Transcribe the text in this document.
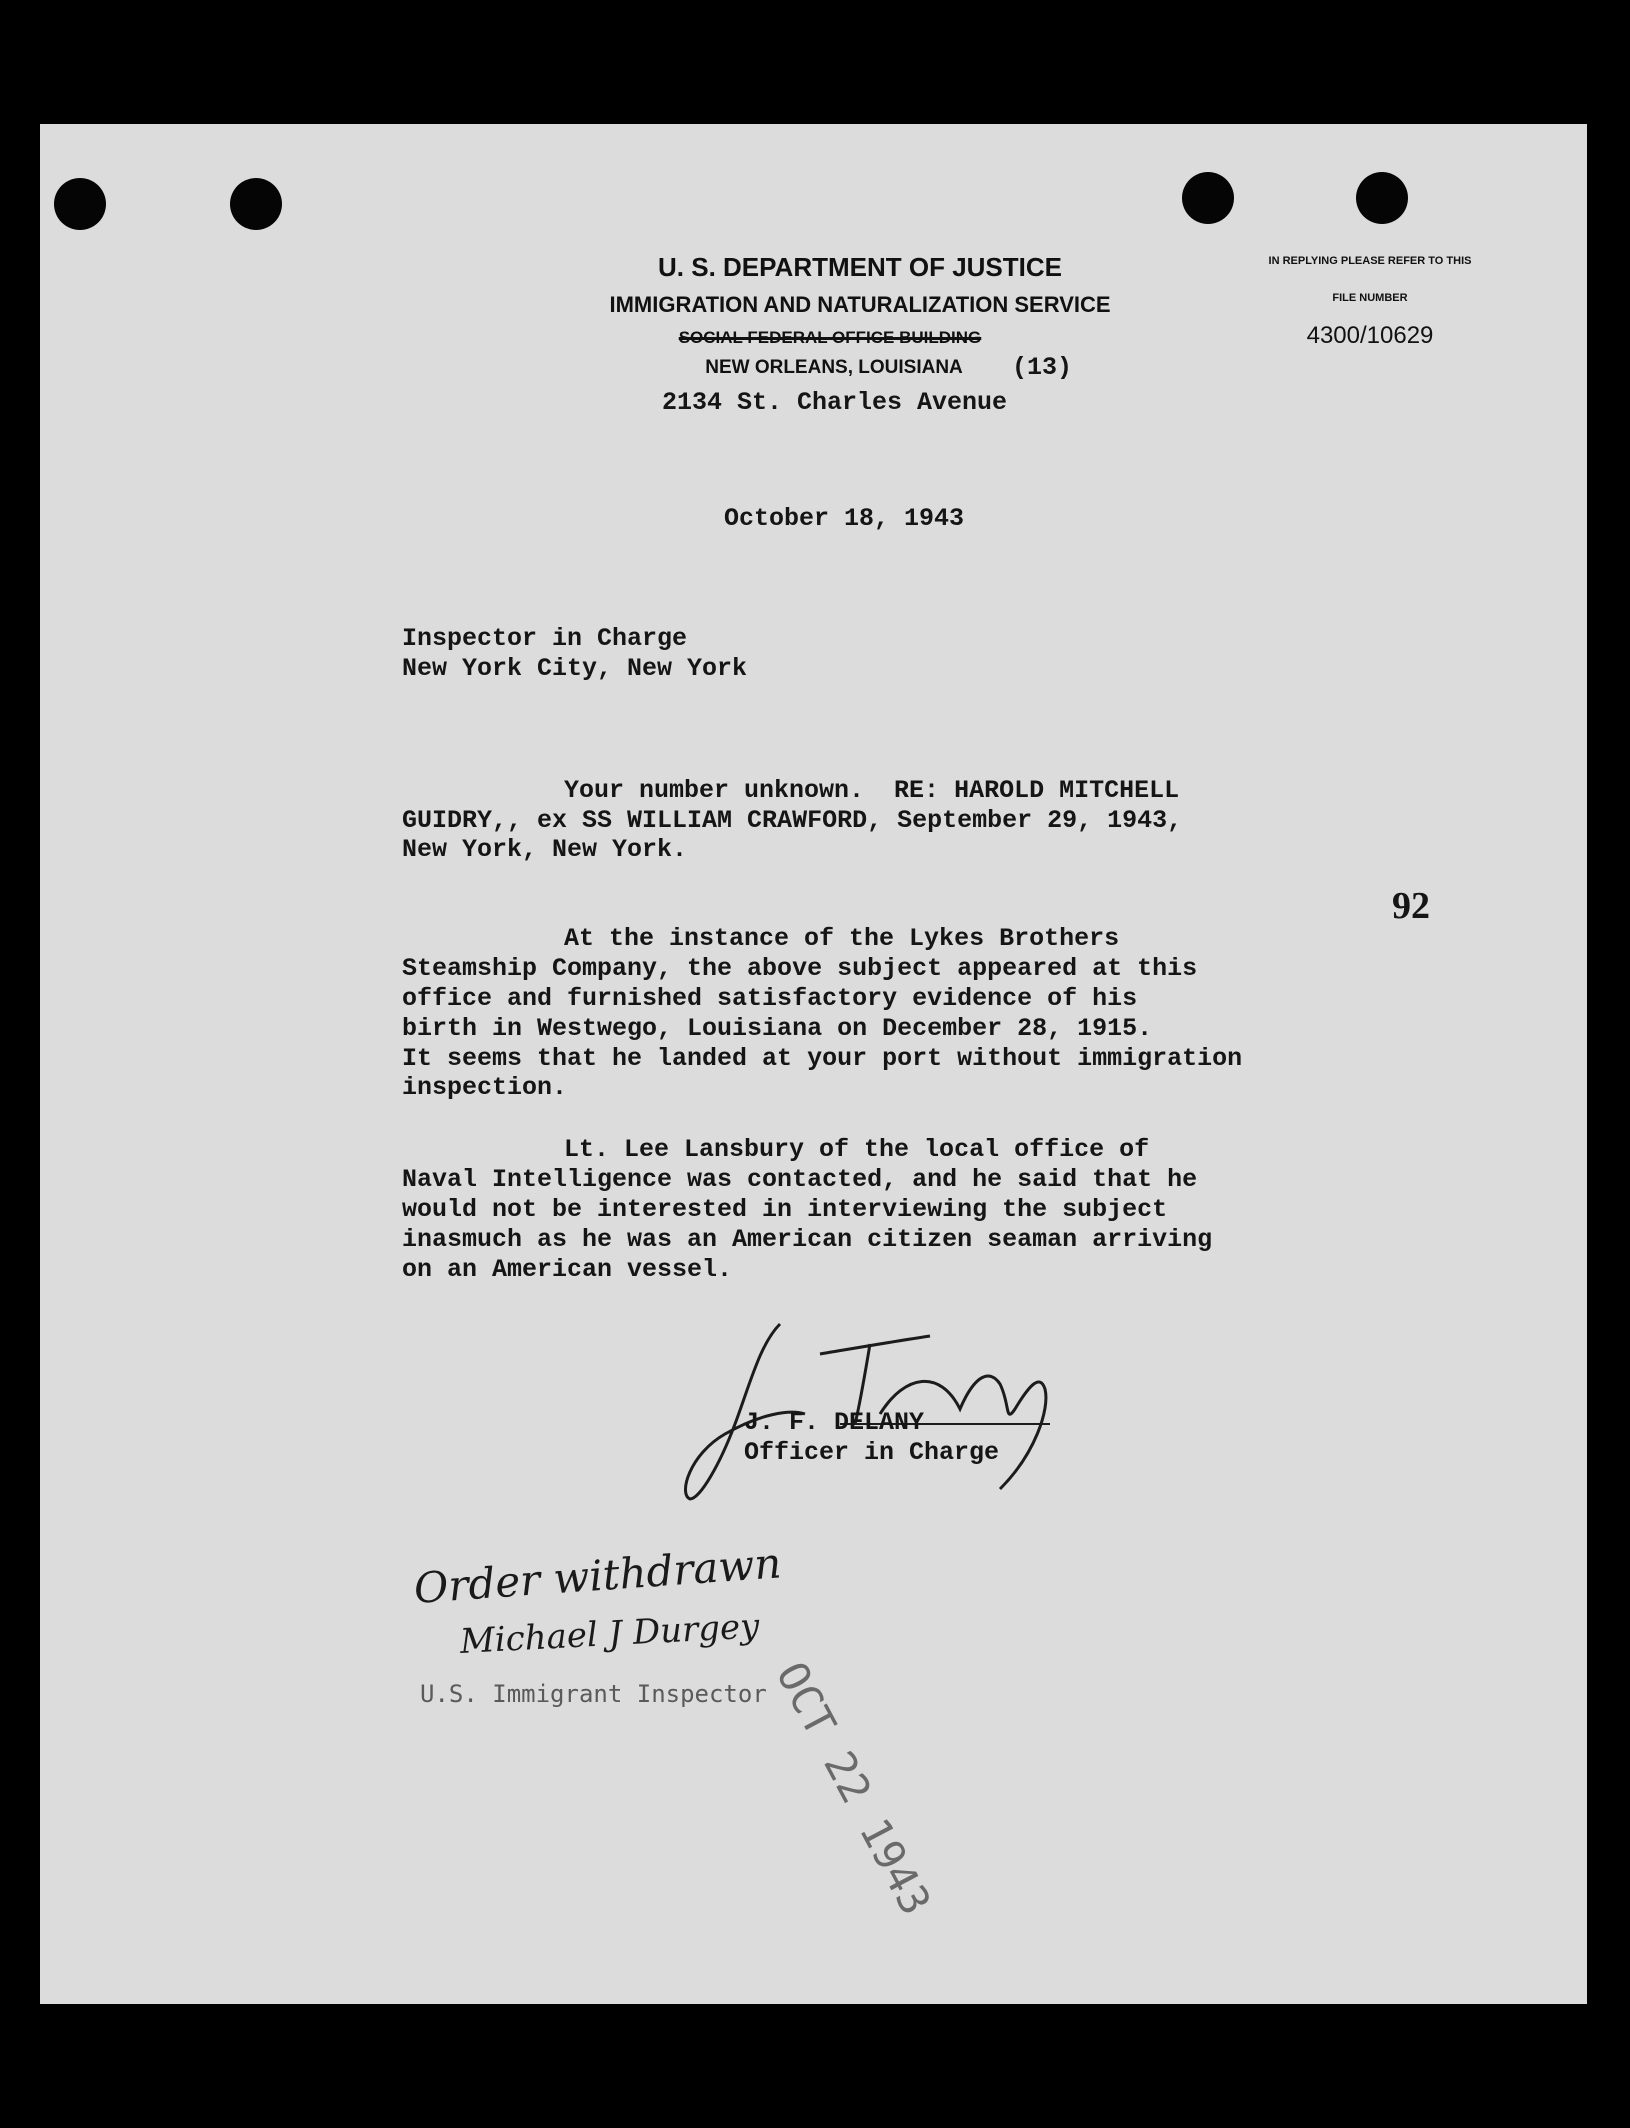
U. S. DEPARTMENT OF JUSTICE
IMMIGRATION AND NATURALIZATION SERVICE
SOCIAL FEDERAL OFFICE BUILDING
NEW ORLEANS, LOUISIANA	(13)
2134 St. Charles Avenue
IN REPLYING PLEASE REFER TO THIS
FILE NUMBER
4300/10629
October 18, 1943
Inspector in Charge
New York City, New York
Your number unknown.  RE: HAROLD MITCHELL
GUIDRY,, ex SS WILLIAM CRAWFORD, September 29, 1943,
New York, New York.
92
At the instance of the Lykes Brothers
Steamship Company, the above subject appeared at this
office and furnished satisfactory evidence of his
birth in Westwego, Louisiana on December 28, 1915.
It seems that he landed at your port without immigration
inspection.
Lt. Lee Lansbury of the local office of
Naval Intelligence was contacted, and he said that he
would not be interested in interviewing the subject
inasmuch as he was an American citizen seaman arriving
on an American vessel.
J. F. DELANY
Officer in Charge
Order withdrawn
Michael J Durgey
U.S. Immigrant Inspector OCT 22 1943
